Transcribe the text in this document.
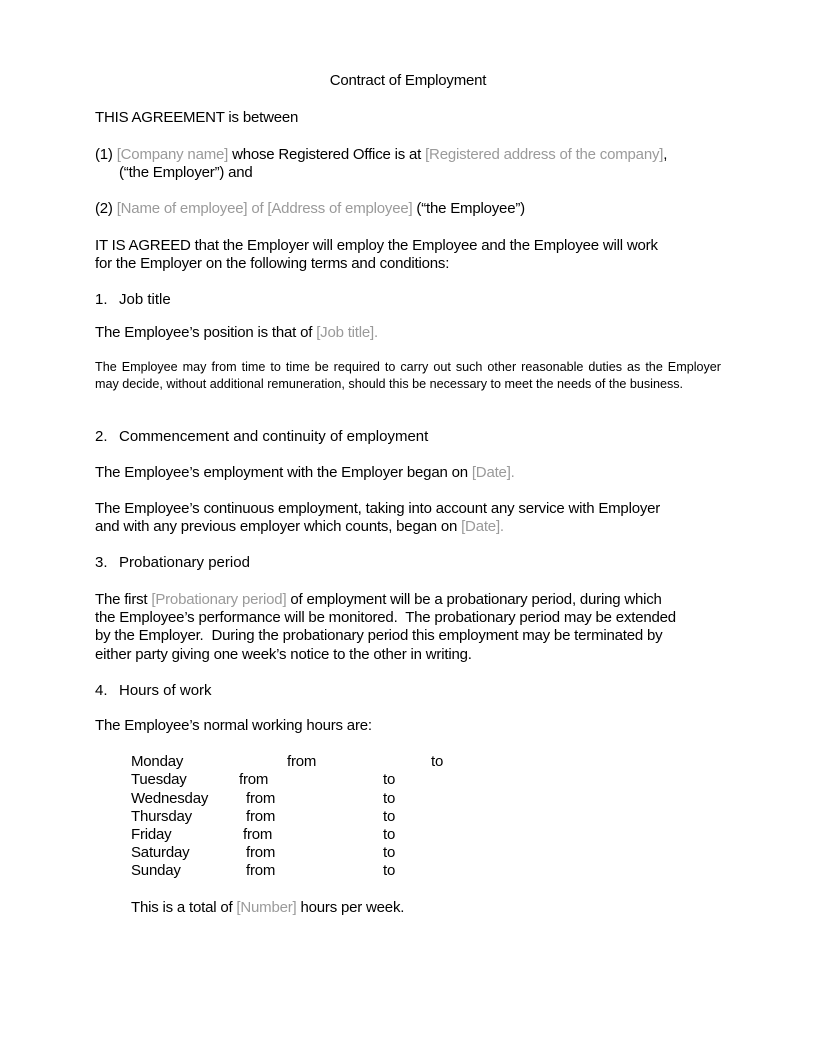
Contract of Employment
THIS AGREEMENT is between
(1) [Company name] whose Registered Office is at [Registered address of the company],
(“the Employer”) and
(2) [Name of employee] of [Address of employee] (“the Employee”)
IT IS AGREED that the Employer will employ the Employee and the Employee will work
for the Employer on the following terms and conditions:
1. Job title
The Employee’s position is that of [Job title].
The Employee may from time to time be required to carry out such other reasonable duties as the Employer may decide, without additional remuneration, should this be necessary to meet the needs of the business.
2. Commencement and continuity of employment
The Employee’s employment with the Employer began on [Date].
The Employee’s continuous employment, taking into account any service with Employer
and with any previous employer which counts, began on [Date].
3. Probationary period
The first [Probationary period] of employment will be a probationary period, during which
the Employee’s performance will be monitored.  The probationary period may be extended
by the Employer.  During the probationary period this employment may be terminated by
either party giving one week’s notice to the other in writing.
4. Hours of work
The Employee’s normal working hours are:
Monday	from	to
Tuesday	from	to
Wednesday	from	to
Thursday	from	to
Friday	from	to
Saturday	from	to
Sunday	from	to
This is a total of [Number] hours per week.
